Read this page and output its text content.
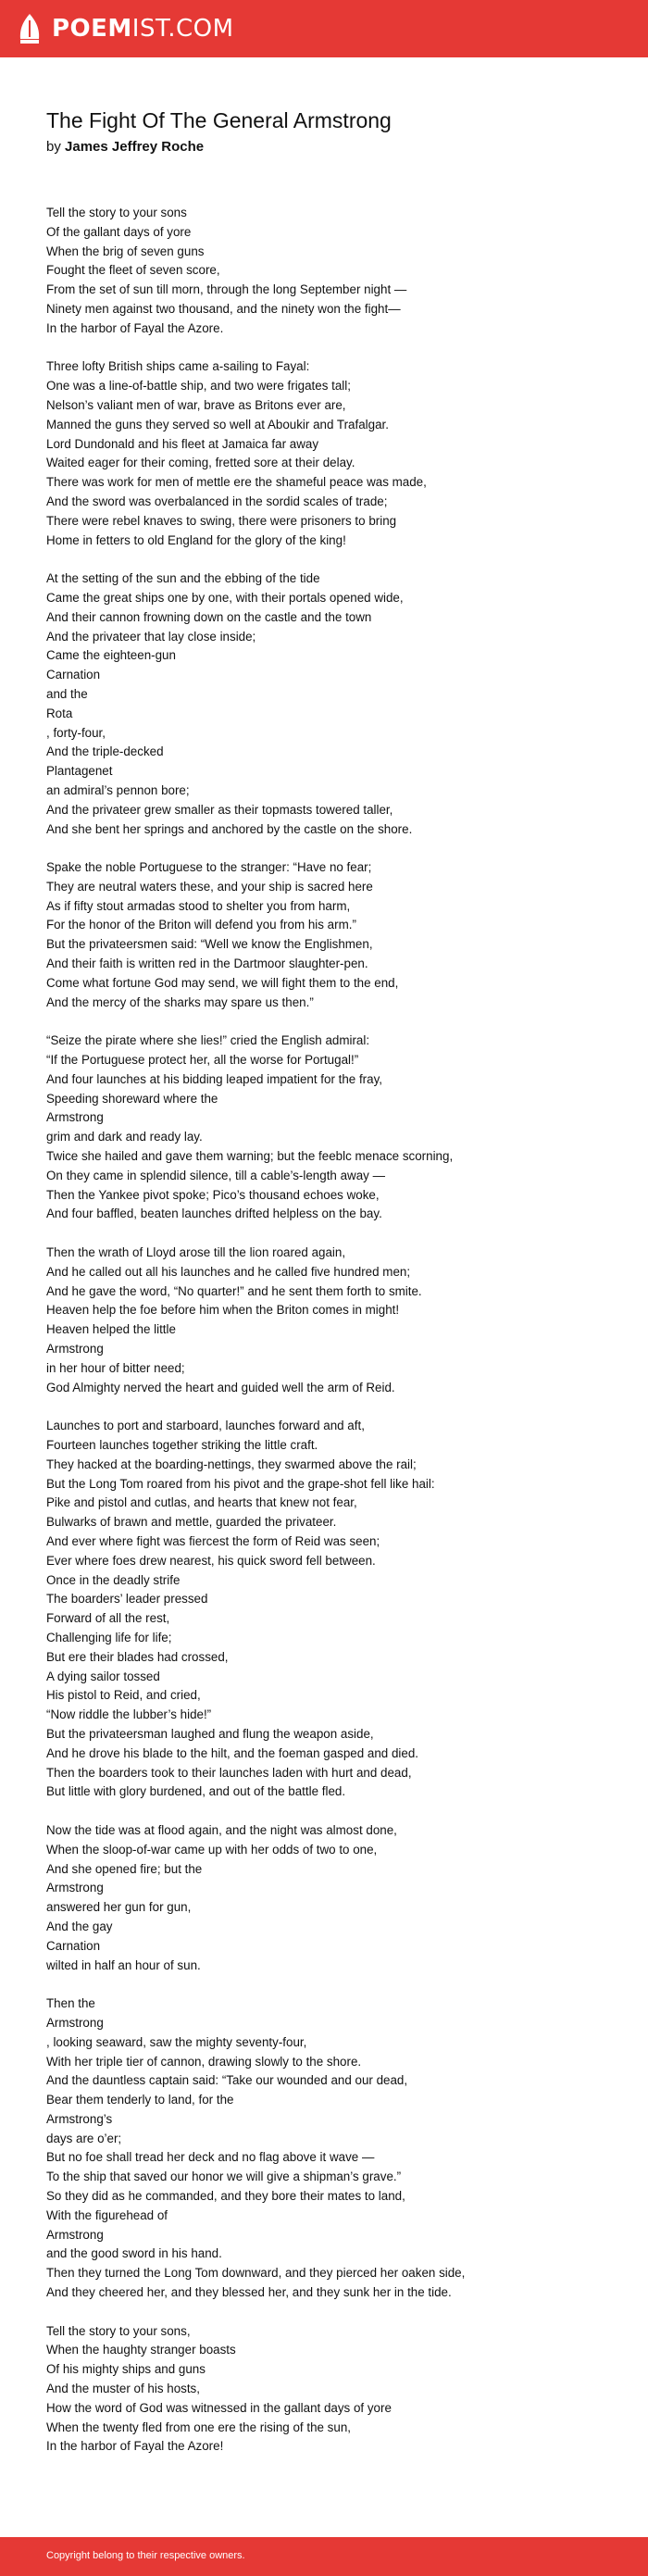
POEMIST.COM
The Fight Of The General Armstrong
by James Jeffrey Roche
Tell the story to your sons
Of the gallant days of yore
When the brig of seven guns
Fought the fleet of seven score,
From the set of sun till morn, through the long September night —
Ninety men against two thousand, and the ninety won the fight—
In the harbor of Fayal the Azore.
Three lofty British ships came a-sailing to Fayal:
One was a line-of-battle ship, and two were frigates tall;
Nelson’s valiant men of war, brave as Britons ever are,
Manned the guns they served so well at Aboukir and Trafalgar.
Lord Dundonald and his fleet at Jamaica far away
Waited eager for their coming, fretted sore at their delay.
There was work for men of mettle ere the shameful peace was made,
And the sword was overbalanced in the sordid scales of trade;
There were rebel knaves to swing, there were prisoners to bring
Home in fetters to old England for the glory of the king!
At the setting of the sun and the ebbing of the tide
Came the great ships one by one, with their portals opened wide,
And their cannon frowning down on the castle and the town
And the privateer that lay close inside;
Came the eighteen-gun
Carnation
and the
Rota
, forty-four,
And the triple-decked
Plantagenet
an admiral’s pennon bore;
And the privateer grew smaller as their topmasts towered taller,
And she bent her springs and anchored by the castle on the shore.
Spake the noble Portuguese to the stranger: “Have no fear;
They are neutral waters these, and your ship is sacred here
As if fifty stout armadas stood to shelter you from harm,
For the honor of the Briton will defend you from his arm.”
But the privateersmen said: “Well we know the Englishmen,
And their faith is written red in the Dartmoor slaughter-pen.
Come what fortune God may send, we will fight them to the end,
And the mercy of the sharks may spare us then.”
“Seize the pirate where she lies!” cried the English admiral:
“If the Portuguese protect her, all the worse for Portugal!”
And four launches at his bidding leaped impatient for the fray,
Speeding shoreward where the
Armstrong
grim and dark and ready lay.
Twice she hailed and gave them warning; but the feeblc menace scorning,
On they came in splendid silence, till a cable’s-length away —
Then the Yankee pivot spoke; Pico’s thousand echoes woke,
And four baffled, beaten launches drifted helpless on the bay.
Then the wrath of Lloyd arose till the lion roared again,
And he called out all his launches and he called five hundred men;
And he gave the word, “No quarter!” and he sent them forth to smite.
Heaven help the foe before him when the Briton comes in might!
Heaven helped the little
Armstrong
in her hour of bitter need;
God Almighty nerved the heart and guided well the arm of Reid.
Launches to port and starboard, launches forward and aft,
Fourteen launches together striking the little craft.
They hacked at the boarding-nettings, they swarmed above the rail;
But the Long Tom roared from his pivot and the grape-shot fell like hail:
Pike and pistol and cutlas, and hearts that knew not fear,
Bulwarks of brawn and mettle, guarded the privateer.
And ever where fight was fiercest the form of Reid was seen;
Ever where foes drew nearest, his quick sword fell between.
Once in the deadly strife
The boarders’ leader pressed
Forward of all the rest,
Challenging life for life;
But ere their blades had crossed,
A dying sailor tossed
His pistol to Reid, and cried,
“Now riddle the lubber’s hide!”
But the privateersman laughed and flung the weapon aside,
And he drove his blade to the hilt, and the foeman gasped and died.
Then the boarders took to their launches laden with hurt and dead,
But little with glory burdened, and out of the battle fled.
Now the tide was at flood again, and the night was almost done,
When the sloop-of-war came up with her odds of two to one,
And she opened fire; but the
Armstrong
answered her gun for gun,
And the gay
Carnation
wilted in half an hour of sun.
Then the
Armstrong
, looking seaward, saw the mighty seventy-four,
With her triple tier of cannon, drawing slowly to the shore.
And the dauntless captain said: “Take our wounded and our dead,
Bear them tenderly to land, for the
Armstrong’s
days are o’er;
But no foe shall tread her deck and no flag above it wave —
To the ship that saved our honor we will give a shipman’s grave.”
So they did as he commanded, and they bore their mates to land,
With the figurehead of
Armstrong
and the good sword in his hand.
Then they turned the Long Tom downward, and they pierced her oaken side,
And they cheered her, and they blessed her, and they sunk her in the tide.
Tell the story to your sons,
When the haughty stranger boasts
Of his mighty ships and guns
And the muster of his hosts,
How the word of God was witnessed in the gallant days of yore
When the twenty fled from one ere the rising of the sun,
In the harbor of Fayal the Azore!
Copyright belong to their respective owners.
